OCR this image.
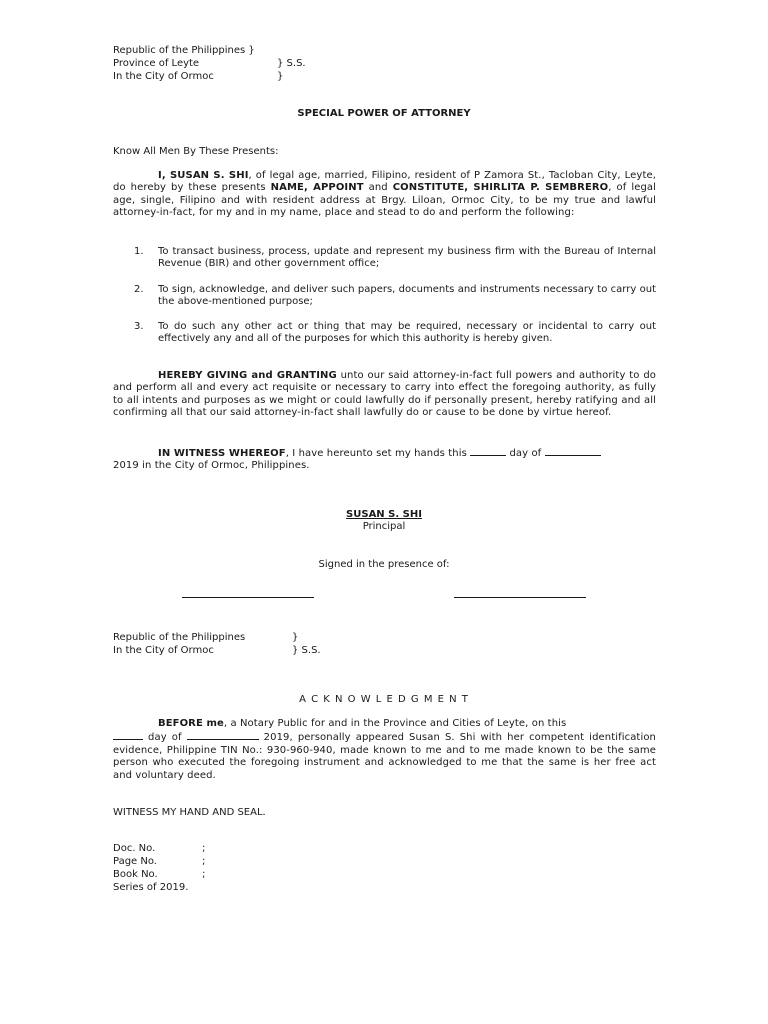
Republic of the Philippines }
Province of Leyte	} S.S.
In the City of Ormoc	}
SPECIAL POWER OF ATTORNEY
Know All Men By These Presents:
I, SUSAN S. SHI, of legal age, married, Filipino, resident of P Zamora St., Tacloban City, Leyte, do hereby by these presents NAME, APPOINT and CONSTITUTE, SHIRLITA P. SEMBRERO, of legal age, single, Filipino and with resident address at Brgy. Liloan, Ormoc City, to be my true and lawful attorney-in-fact, for my and in my name, place and stead to do and perform the following:
1. To transact business, process, update and represent my business firm with the Bureau of Internal Revenue (BIR) and other government office;
2. To sign, acknowledge, and deliver such papers, documents and instruments necessary to carry out the above-mentioned purpose;
3. To do such any other act or thing that may be required, necessary or incidental to carry out effectively any and all of the purposes for which this authority is hereby given.
HEREBY GIVING and GRANTING unto our said attorney-in-fact full powers and authority to do and perform all and every act requisite or necessary to carry into effect the foregoing authority, as fully to all intents and purposes as we might or could lawfully do if personally present, hereby ratifying and all confirming all that our said attorney-in-fact shall lawfully do or cause to be done by virtue hereof.
IN WITNESS WHEREOF, I have hereunto set my hands this	day of
2019 in the City of Ormoc, Philippines.
SUSAN S. SHI
Principal
Signed in the presence of:
Republic of the Philippines	}
In the City of Ormoc	} S.S.
A C K N O W L E D G M E N T
BEFORE me, a Notary Public for and in the Province and Cities of Leyte, on this
day of	2019, personally appeared Susan S. Shi with her competent identification evidence, Philippine TIN No.: 930-960-940, made known to me and to me made known to be the same person who executed the foregoing instrument and acknowledged to me that the same is her free act and voluntary deed.
WITNESS MY HAND AND SEAL.
Doc. No.	;
Page No.	;
Book No.	;
Series of 2019.
